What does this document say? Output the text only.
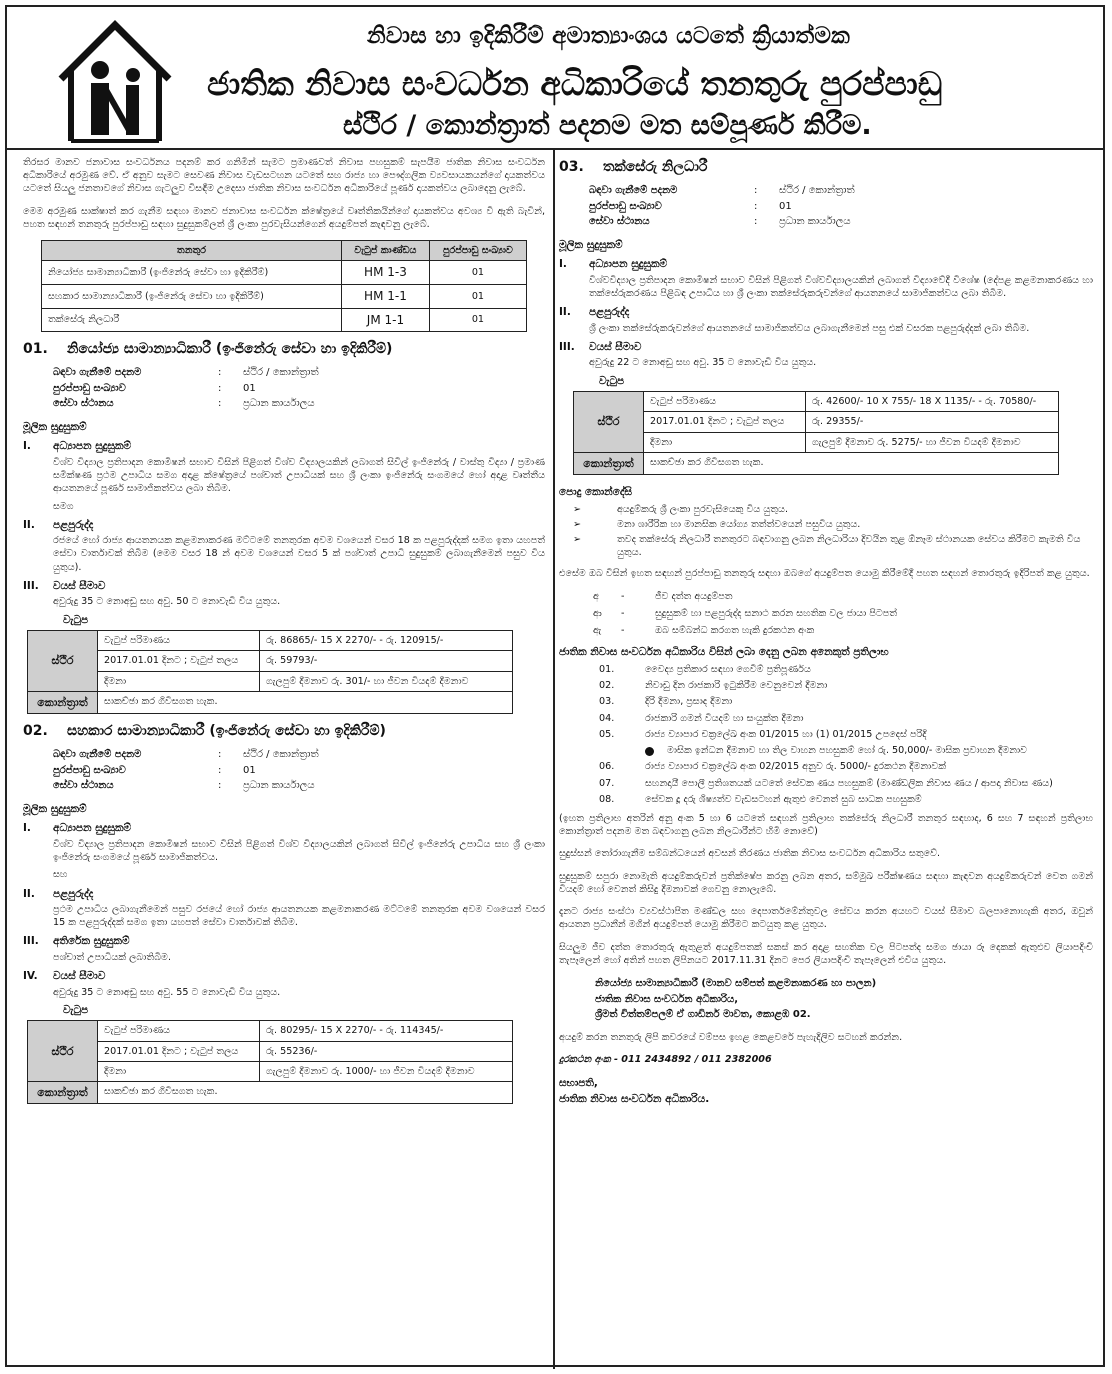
නිවාස හා ඉදිකිරීම් අමාත්‍යාංශය යටතේ ක්‍රියාත්මක
ජාතික නිවාස සංවර්ධන අධිකාරියේ තනතුරු පුරප්පාඩු
ස්ථිර / කොන්ත්‍රාත් පදනම මත සම්පූර්ණ කිරීම.

තිරසර මානව ජනාවාස සංවර්ධනය පදනම් කර ගනිමින් සැමට ප්‍රමාණවත් නිවාස පහසුකම් සැපයීම ජාතික නිවාස සංවර්ධන අධිකාරියේ අරමුණ වේ. ඒ අනුව සැමට සෙවණ නිවාස වැඩසටහන යටතේ සහ රාජ්‍ය හා පෞද්ගලික ව්‍යවසායකයන්ගේ දායකත්වය යටතේ සියලු ජනතාවගේ නිවාස ගැටලුව විසඳීම උදෙසා ජාතික නිවාස සංවර්ධන අධිකාරියේ පූර්ණ දායකත්වය ලබාදෙනු ලැබේ.

මෙම අරමුණ සාක්ෂාත් කර ගැනීම සඳහා මානව ජනාවාස සංවර්ධන ක්ෂේත්‍රයේ වෘත්තිකයින්ගේ දායකත්වය අවශ්‍ය වී ඇති බැවින්, පහත සඳහන් තනතුරු පුරප්පාඩු සඳහා සුදුසුකම්ලත් ශ්‍රී ලංකා පුරවැසියන්ගෙන් අයදුම්පත් කැඳවනු ලැබේ.

තනතුර	වැටුප් කාණ්ඩය	පුරප්පාඩු සංඛ්‍යාව
නියෝජ්‍ය සාමාන්‍යාධිකාරී (ඉංජිනේරු සේවා හා ඉදිකිරීම්)	HM 1-3	01
සහකාර සාමාන්‍යාධිකාරී (ඉංජිනේරු සේවා හා ඉදිකිරීම්)	HM 1-1	01
තක්සේරු නිලධාරී	JM 1-1	01
01. නියෝජ්‍ය සාමාන්‍යාධිකාරී (ඉංජිනේරු සේවා හා ඉදිකිරීම්)
බඳවා ගැනීමේ පදනම	:	ස්ථිර / කොන්ත්‍රාත්
පුරප්පාඩු සංඛ්‍යාව	:	01
සේවා ස්ථානය	:	ප්‍රධාන කාර්යාලය
මූලික සුදුසුකම්
I.	අධ්‍යාපන සුදුසුකම්

විශ්ව විද්‍යාල ප්‍රතිපාදන කොමිෂන් සභාව විසින් පිළිගත් විශ්ව විද්‍යාලයකින් ලබාගත් සිවිල් ඉංජිනේරු / වාස්තු විද්‍යා / ප්‍රමාණ සමීක්ෂණ ප්‍රථම උපාධිය සමග අදාළ ක්ෂේත්‍රයේ පශ්චාත් උපාධියක් සහ ශ්‍රී ලංකා ඉංජිනේරු සංගමයේ හෝ අදාළ වෘත්තීය ආයතනයේ පූර්ණ සාමාජිකත්වය ලබා තිබීම.

සමග

II.	පළපුරුද්ද

රජයේ හෝ රාජ්‍ය ආයතනයක කළමනාකරණ මට්ටමේ තනතුරක අවම වශයෙන් වසර 18 ක පළපුරුද්දක් සමග ඉතා යහපත් සේවා වාර්තාවක් තිබීම (මෙම වසර 18 න් අවම වශයෙන් වසර 5 ක් පශ්චාත් උපාධි සුදුසුකම් ලබාගැනීමෙන් පසුව විය යුතුය).

III.	වයස් සීමාව

අවුරුදු 35 ට නොඅඩු සහ අවු. 50 ට නොවැඩි විය යුතුය.

වැටුප
ස්ථිර	වැටුප් පරිමාණය	රු. 86865/- 15 X 2270/- - රු. 120915/-
	2017.01.01 දිනට ; වැටුප් තලය	රු. 59793/-
	දීමනා	ගැලපුම් දීමනාව රු. 301/- හා ජීවන වියදම් දීමනාව
කොන්ත්‍රාත්	සාකච්ඡා කර ගිවිසගත හැක.	
02. සහකාර සාමාන්‍යාධිකාරී (ඉංජිනේරු සේවා හා ඉදිකිරීම්)
බඳවා ගැනීමේ පදනම	:	ස්ථිර / කොන්ත්‍රාත්
පුරප්පාඩු සංඛ්‍යාව	:	01
සේවා ස්ථානය	:	ප්‍රධාන කාර්යාලය
මූලික සුදුසුකම්
I.	අධ්‍යාපන සුදුසුකම්

විශ්ව විද්‍යාල ප්‍රතිපාදන කොමිෂන් සභාව විසින් පිළිගත් විශ්ව විද්‍යාලයකින් ලබාගත් සිවිල් ඉංජිනේරු උපාධිය සහ ශ්‍රී ලංකා ඉංජිනේරු සංගමයේ පූර්ණ සාමාජිකත්වය.

සහ

II.	පළපුරුද්ද

ප්‍රථම උපාධිය ලබාගැනීමෙන් පසුව රජයේ හෝ රාජ්‍ය ආයතනයක කළමනාකරණ මට්ටමේ තනතුරක අවම වශයෙන් වසර 15 ක පළපුරුද්දක් සමග ඉතා යහපත් සේවා වාර්තාවක් තිබීම.

III.	අතිරේක සුදුසුකම්

පශ්චාත් උපාධියක් ලබාතිබීම.

IV.	වයස් සීමාව

අවුරුදු 35 ට නොඅඩු සහ අවු. 55 ට නොවැඩි විය යුතුය.

වැටුප
ස්ථිර	වැටුප් පරිමාණය	රු. 80295/- 15 X 2270/- - රු. 114345/-
	2017.01.01 දිනට ; වැටුප් තලය	රු. 55236/-
	දීමනා	ගැලපුම් දීමනාව රු. 1000/- හා ජීවන වියදම් දීමනාව
කොන්ත්‍රාත්	සාකච්ඡා කර ගිවිසගත හැක.	
03. තක්සේරු නිලධාරී
බඳවා ගැනීමේ පදනම	:	ස්ථිර / කොන්ත්‍රාත්
පුරප්පාඩු සංඛ්‍යාව	:	01
සේවා ස්ථානය	:	ප්‍රධාන කාර්යාලය
මූලික සුදුසුකම්
I.	අධ්‍යාපන සුදුසුකම්

විශ්වවිද්‍යාල ප්‍රතිපාදන කොමිෂන් සභාව විසින් පිළිගත් විශ්වවිද්‍යාලයකින් ලබාගත් විද්‍යාවේදී විශේෂ (දේපළ කළමනාකරණය හා තක්සේරුකරණය පිළිබඳ උපාධිය හා ශ්‍රී ලංකා තක්සේරුකරුවන්ගේ ආයතනයේ සාමාජිකත්වය ලබා තිබීම.

II.	පළපුරුද්ද

ශ්‍රී ලංකා තක්සේරුකරුවන්ගේ ආයතනයේ සාමාජිකත්වය ලබාගැනීමෙන් පසු එක් වසරක පළපුරුද්දක් ලබා තිබීම.

III.	වයස් සීමාව

අවුරුදු 22 ට නොඅඩු සහ අවු. 35 ට නොවැඩි විය යුතුය.

වැටුප
ස්ථිර	වැටුප් පරිමාණය	රු. 42600/- 10 X 755/- 18 X 1135/- - රු. 70580/-
	2017.01.01 දිනට ; වැටුප් තලය	රු. 29355/-
	දීමනා	ගැලපුම් දීමනාව රු. 5275/- හා ජීවන වියදම් දීමනාව
කොන්ත්‍රාත්	සාකච්ඡා කර ගිවිසගත හැක.	
පොදු කොන්දේසි
➢	අයදුම්කරු ශ්‍රී ලංකා පුරවැසියෙකු විය යුතුය.
➢	මනා ශාරීරික හා මානසික යෝග්‍ය තත්ත්වයෙන් පසුවිය යුතුය.
➢	තවද තක්සේරු නිලධාරී තනතුරට බඳවාගනු ලබන නිලධාරියා දිවයින තුළ ඕනෑම ස්ථානයක සේවය කිරීමට කැමති විය යුතුය.

එසේම ඔබ විසින් ඉහත සඳහන් පුරප්පාඩු තනතුරු සඳහා ඔබගේ අයදුම්පත යොමු කිරීමේදී පහත සඳහන් තොරතුරු ඉදිරිපත් කළ යුතුය.

අ	-	ජීව දත්ත අයදුම්පත
ආ	-	සුදුසුකම් හා පළපුරුද්ද සනාථ කරන සහතික වල ජායා පිටපත්
ඇ	-	ඔබ සම්බන්ධ කරගත හැකි දුරකථන අංක
ජාතික නිවාස සංවර්ධන අධිකාරිය විසින් ලබා දෙනු ලබන අනෙකුත් ප්‍රතිලාභ
01.	වෛද්‍ය ප්‍රතිකාර සඳහා ගෙවීම් ප්‍රතිපූර්ණය
02.	නිවාඩු දින රාජකාරි ඉටුකිරීම වෙනුවෙන් දීමනා
03.	දිරි දීමනා, ප්‍රසාද දීමනා
04.	රාජකාරි ගමන් වියදම් හා සංයුක්ත දීමනා
05.	රාජ්‍ය ව්‍යාපාර චක්‍රලේඛ අංක 01/2015 හා (1) 01/2015 උපදෙස් පරිදි
මාසික ඉන්ධන දීමනාව හා තිල වාහන පහසුකම් හෝ රු. 50,000/- මාසික ප්‍රවාහන දීමනාව
06.	රාජ්‍ය ව්‍යාපාර චක්‍රලේඛ අංක 02/2015 අනුව රු. 5000/- දුරකථන දීමනාවක්
07.	සහනදායී පොලී ප්‍රතිශතයක් යටතේ සේවක ණය පහසුකම් (මාණ්ඩලික නිවාස ණය / ආපදා නිවාස ණය)
08.	සේවක දූ දරු ශිෂ්‍යත්ව වැඩසටහන් ඇතුළු වෙනත් සුබ සාධක පහසුකම්

(ඉහත ප්‍රතිලාභ අතරින් අනු අංක 5 හා 6 යටතේ සඳහන් ප්‍රතිලාභ තක්සේරු නිලධාරී තනතුර සඳහාද, 6 සහ 7 සඳහන් ප්‍රතිලාභ කොන්ත්‍රාත් පදනම මත බඳවාගනු ලබන නිලධාරීන්ට හිමි නොවේ)

සුදුස්සන් තෝරාගැනීම සම්බන්ධයෙන් අවසන් තීරණය ජාතික නිවාස සංවර්ධන අධිකාරිය සතුවේ.

සුදුසුකම් සපුරා නොමැති අයදුම්කරුවන් ප්‍රතික්ෂේප කරනු ලබන අතර, සම්මුඛ පරීක්ෂණය සඳහා කැඳවන අයදුම්කරුවන් වෙත ගමන් වියදම් හෝ වෙනත් කිසිදු දීමනාවක් ගෙවනු නොලැබේ.

දැනට රාජ්‍ය සංස්ථා ව්‍යවස්ථාපිත මණ්ඩල සහ දෙපාර්තමේන්තුවල සේවය කරන අයහට වයස් සීමාව බලපානොහැකි අතර, ඔවුන් ආයතන ප්‍රධානීන් මගින් අයදුම්පත් යොමු කිරීමට කටයුතු කළ යුතුය.

සියලුම ජීව දත්ත තොරතුරු ඇතුළත් අයදුම්පතක් සකස් කර අදාළ සහතික වල පිටපත්ද සමග ඡායා රූ දෙකක් ඇතුළුව ලියාපදිංචි තැපෑලෙන් හෝ අතින් පහත ලිපිනයට 2017.11.31 දිනට පෙර ලියාපදිංචි තැපෑලෙන් එවිය යුතුය.

නියෝජ්‍ය සාමාන්‍යාධිකාරී (මානව සම්පත් කළමනාකරණ හා පාලන)
ජාතික නිවාස සංවර්ධන අධිකාරිය,
ශ්‍රීමත් චිත්තම්පලම් ඒ ගාඩිනර් මාවත, කොළඹ 02.

අයදුම් කරන තනතුරු ලිපි කවරයේ වම්පස ඉහළ කෙළවරේ පැහැදිලිව සටහන් කරන්න.

දුරකථන අංක - 011 2434892 / 011 2382006

සභාපති,
ජාතික නිවාස සංවර්ධන අධිකාරිය.
